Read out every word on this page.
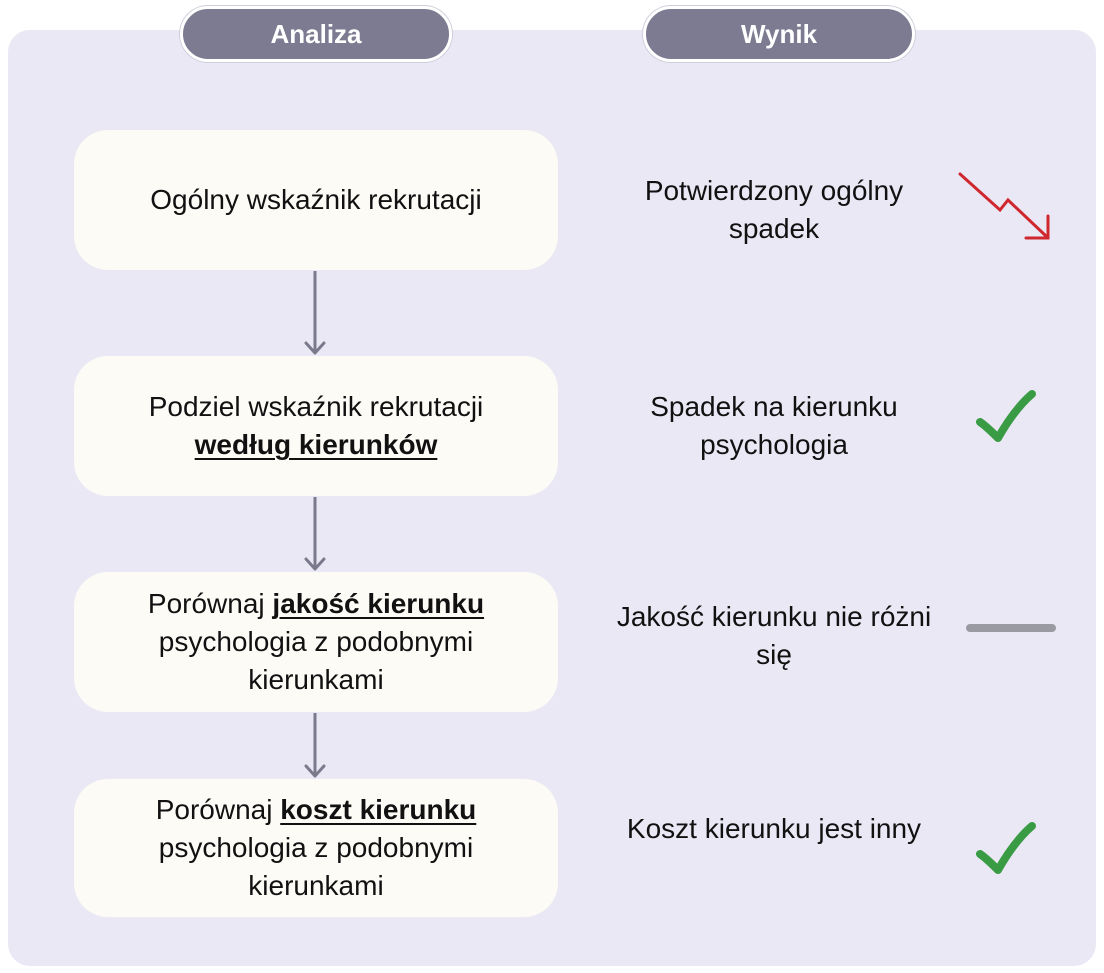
Analiza	Wynik
Ogólny wskaźnik rekrutacji
Podziel wskaźnik rekrutacji według kierunków
Porównaj jakość kierunku psychologia z podobnymi kierunkami
Porównaj koszt kierunku psychologia z podobnymi kierunkami
Potwierdzony ogólny spadek
Spadek na kierunku psychologia
Jakość kierunku nie różni się
Koszt kierunku jest inny
